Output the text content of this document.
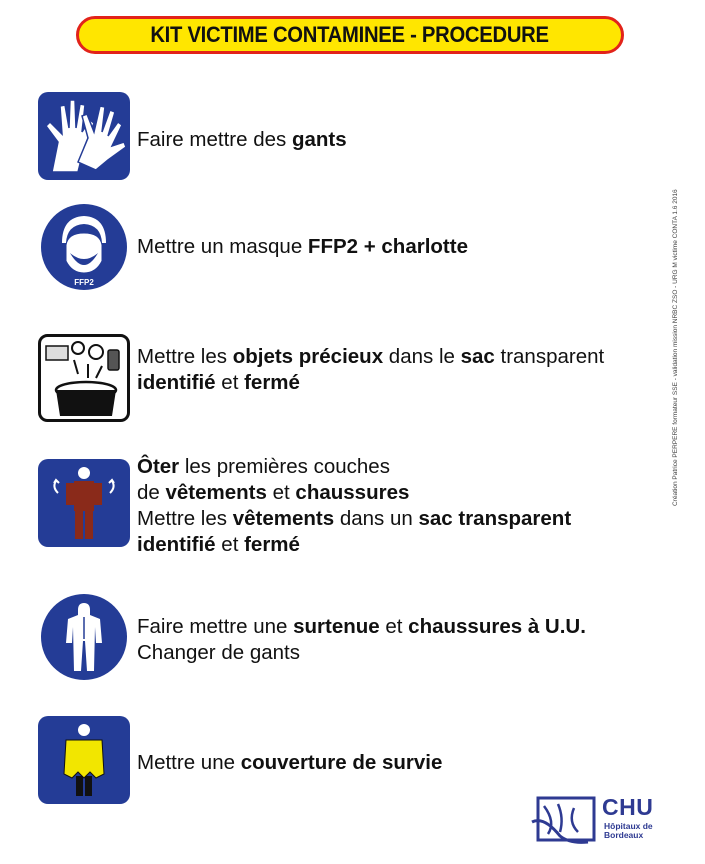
KIT VICTIME CONTAMINEE - PROCEDURE
Faire mettre des gants
FFP2
Mettre un masque FFP2 + charlotte
Mettre les objets précieux dans le sac transparent
identifié et fermé
Ôter les premières couches
de vêtements et chaussures
Mettre les vêtements dans un sac transparent
identifié et fermé
Faire mettre une surtenue et chaussures à U.U.
Changer de gants
Mettre une couverture de survie
Création Patrice PERPERE formateur SSE - validation mission NRBC ZSO - URG M victime CONTA 1.6 2016
CHU
Hôpitaux de
Bordeaux
